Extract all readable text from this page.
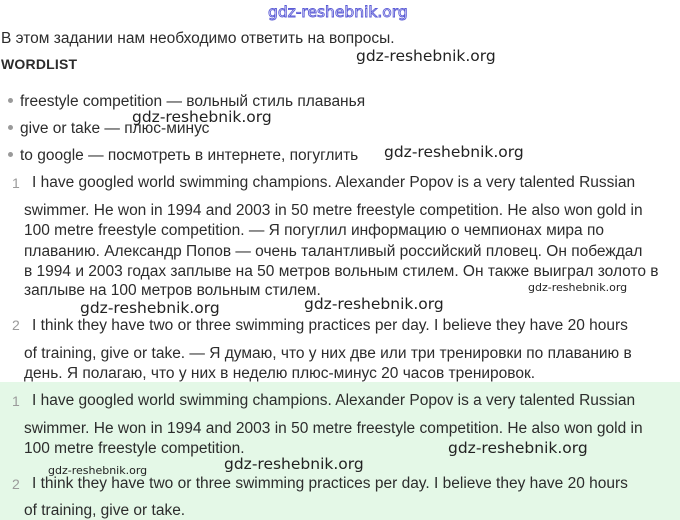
gdz-reshebnik.org
В этом задании нам необходимо ответить на вопросы.
WORDLIST
freestyle competition — вольный стиль плаванья
give or take — плюс-минус
to google — посмотреть в интернете, погуглить
1 I have googled world swimming champions. Alexander Popov is a very talented Russian
swimmer. He won in 1994 and 2003 in 50 metre freestyle competition. He also won gold in
100 metre freestyle competition. — Я погуглил информацию о чемпионах мира по
плаванию. Александр Попов — очень талантливый российский пловец. Он побеждал
в 1994 и 2003 годах заплыве на 50 метров вольным стилем. Он также выиграл золото в
заплыве на 100 метров вольным стилем.
2 I think they have two or three swimming practices per day. I believe they have 20 hours
of training, give or take. — Я думаю, что у них две или три тренировки по плаванию в
день. Я полагаю, что у них в неделю плюс-минус 20 часов тренировок.
1 I have googled world swimming champions. Alexander Popov is a very talented Russian
swimmer. He won in 1994 and 2003 in 50 metre freestyle competition. He also won gold in
100 metre freestyle competition.
2 I think they have two or three swimming practices per day. I believe they have 20 hours
of training, give or take.
gdz-reshebnik.org
gdz-reshebnik.org
gdz-reshebnik.org
gdz-reshebnik.org
gdz-reshebnik.org	gdz-reshebnik.org
gdz-reshebnik.org
gdz-reshebnik.org
gdz-reshebnik.org
